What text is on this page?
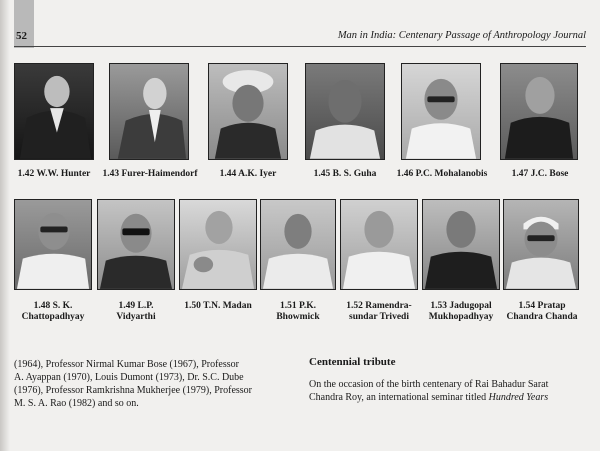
52	Man in India: Centenary Passage of Anthropology Journal
1.42 W.W. Hunter	1.43 Furer-Haimendorf	1.44 A.K. Iyer	1.45 B. S. Guha	1.46 P.C. Mohalanobis	1.47 J.C. Bose
1.48 S. K.
Chattopadhyay
1.49 L.P.
Vidyarthi
1.50 T.N. Madan	1.51 P.K.
Bhowmick
1.52 Ramendra-
sundar Trivedi
1.53 Jadugopal
Mukhopadhyay
1.54 Pratap
Chandra Chanda
(1964), Professor Nirmal Kumar Bose (1967), Professor
A. Ayappan (1970), Louis Dumont (1973), Dr. S.C. Dube
(1976), Professor Ramkrishna Mukherjee (1979), Professor
M. S. A. Rao (1982) and so on.
Centennial tribute
On the occasion of the birth centenary of Rai Bahadur Sarat
Chandra Roy, an international seminar titled Hundred Years
